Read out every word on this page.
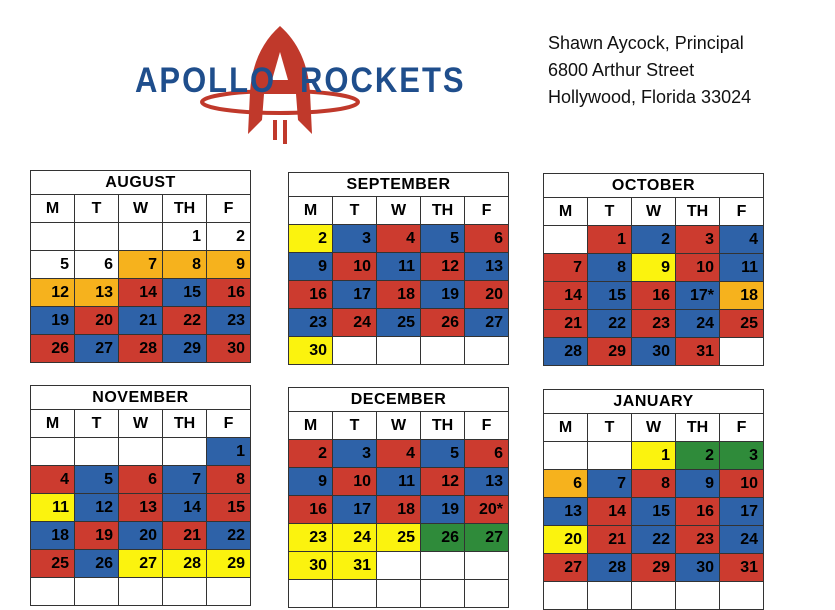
APOLLO ROCKETS
Shawn Aycock, Principal
6800 Arthur Street
Hollywood, Florida 33024
AUGUST				
M	T	W	TH	F
			1	2
5	6	7	8	9
12	13	14	15	16
19	20	21	22	23
26	27	28	29	30
SEPTEMBER				
M	T	W	TH	F
2	3	4	5	6
9	10	11	12	13
16	17	18	19	20
23	24	25	26	27
30				
OCTOBER				
M	T	W	TH	F
	1	2	3	4
7	8	9	10	11
14	15	16	17*	18
21	22	23	24	25
28	29	30	31	
NOVEMBER				
M	T	W	TH	F
				1
4	5	6	7	8
11	12	13	14	15
18	19	20	21	22
25	26	27	28	29

DECEMBER				
M	T	W	TH	F
2	3	4	5	6
9	10	11	12	13
16	17	18	19	20*
23	24	25	26	27
30	31			

JANUARY				
M	T	W	TH	F
		1	2	3
6	7	8	9	10
13	14	15	16	17
20	21	22	23	24
27	28	29	30	31
